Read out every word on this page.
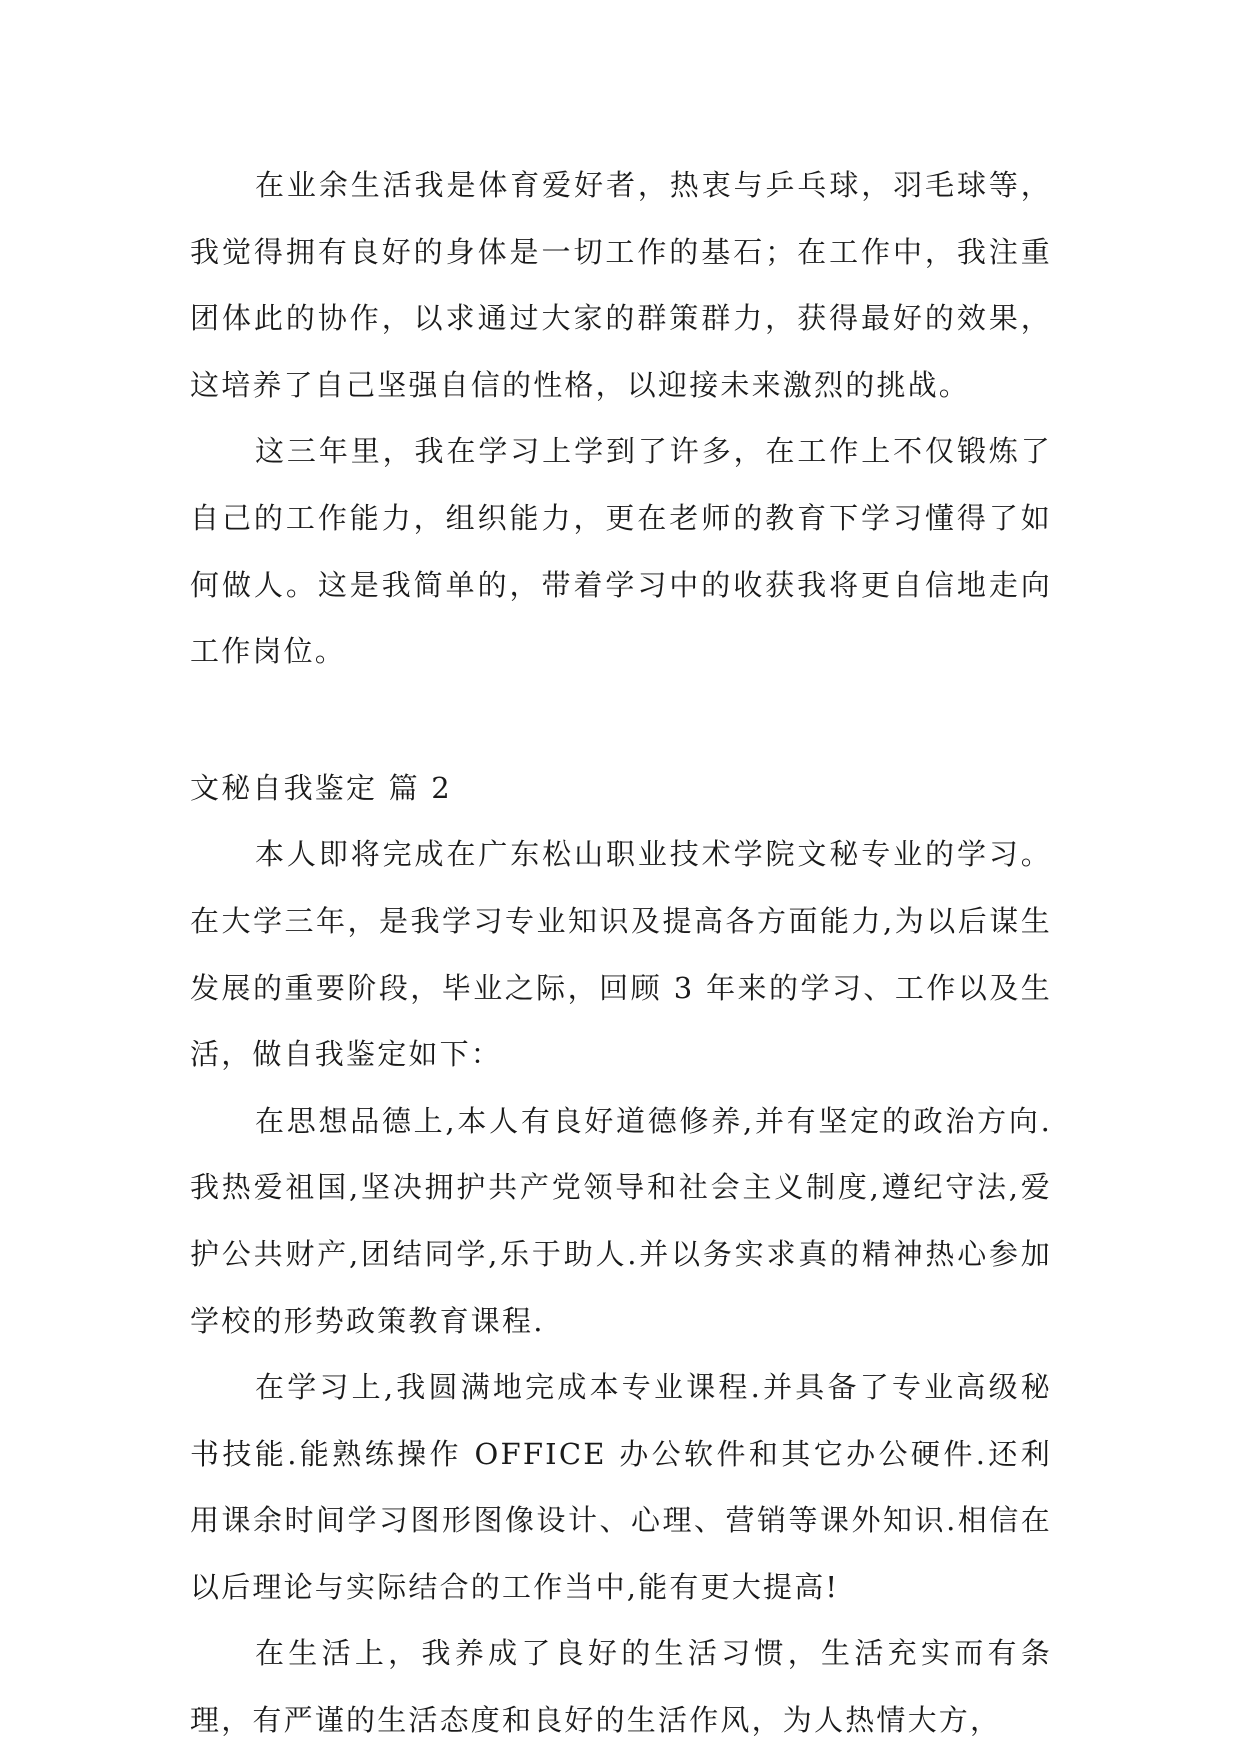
在业余生活我是体育爱好者，热衷与乒乓球，羽毛球等，我觉得拥有良好的身体是一切工作的基石；在工作中，我注重团体此的协作，以求通过大家的群策群力，获得最好的效果，这培养了自己坚强自信的性格，以迎接未来激烈的挑战。

这三年里，我在学习上学到了许多，在工作上不仅锻炼了自己的工作能力，组织能力，更在老师的教育下学习懂得了如何做人。这是我简单的，带着学习中的收获我将更自信地走向工作岗位。

文秘自我鉴定 篇 2

本人即将完成在广东松山职业技术学院文秘专业的学习。在大学三年，是我学习专业知识及提高各方面能力,为以后谋生发展的重要阶段，毕业之际，回顾 3 年来的学习、工作以及生活，做自我鉴定如下：

在思想品德上,本人有良好道德修养,并有坚定的政治方向.我热爱祖国,坚决拥护共产党领导和社会主义制度,遵纪守法,爱护公共财产,团结同学,乐于助人.并以务实求真的精神热心参加学校的形势政策教育课程.

在学习上,我圆满地完成本专业课程.并具备了专业高级秘书技能.能熟练操作 OFFICE 办公软件和其它办公硬件.还利用课余时间学习图形图像设计、心理、营销等课外知识.相信在以后理论与实际结合的工作当中,能有更大提高!

在生活上，我养成了良好的生活习惯，生活充实而有条理，有严谨的生活态度和良好的生活作风，为人热情大方，
